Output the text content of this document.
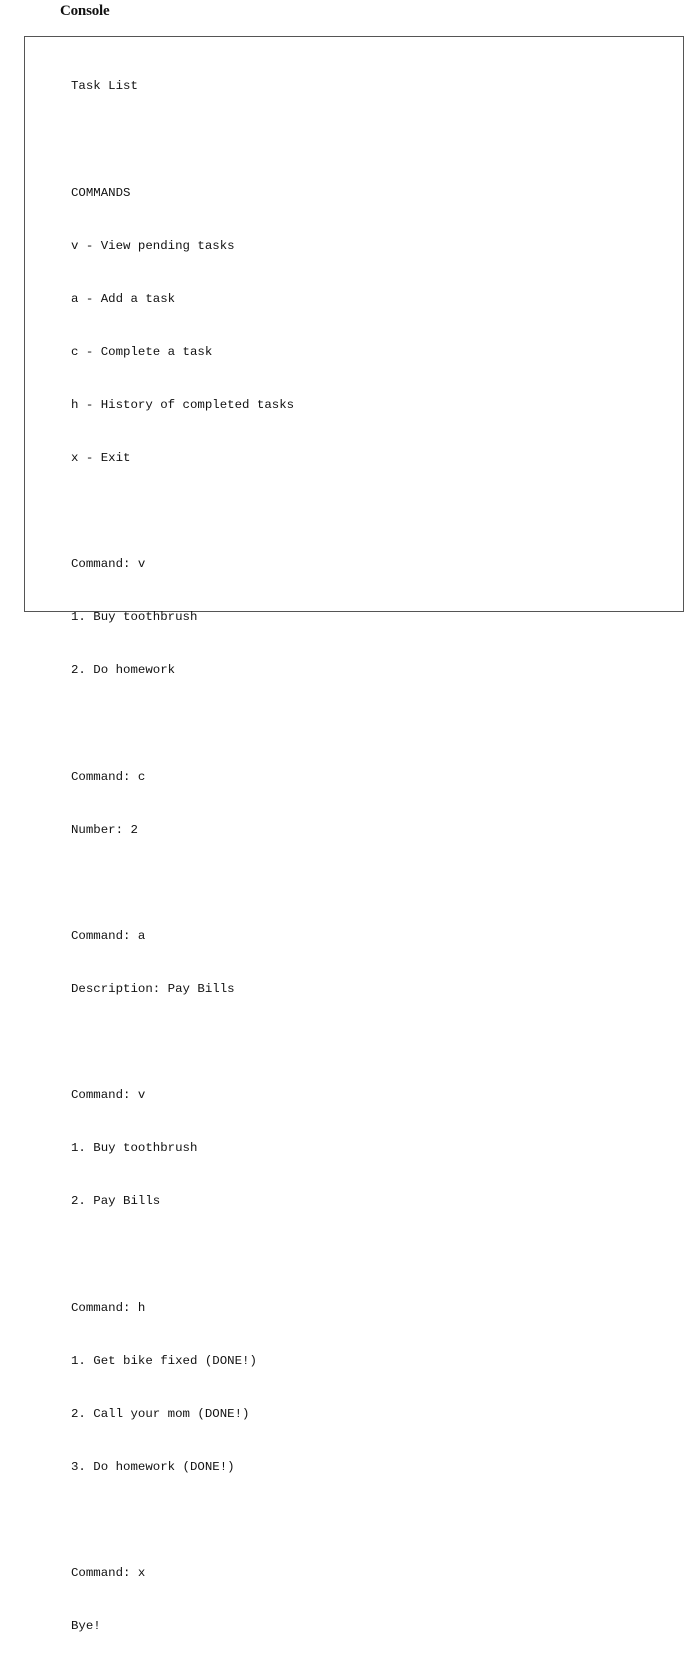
Console

Task List

COMMANDS

v - View pending tasks

a - Add a task

c - Complete a task

h - History of completed tasks

x - Exit

Command: v

1. Buy toothbrush

2. Do homework

Command: c

Number: 2

Command: a

Description: Pay Bills

Command: v

1. Buy toothbrush

2. Pay Bills

Command: h

1. Get bike fixed (DONE!)

2. Call your mom (DONE!)

3. Do homework (DONE!)

Command: x

Bye!
